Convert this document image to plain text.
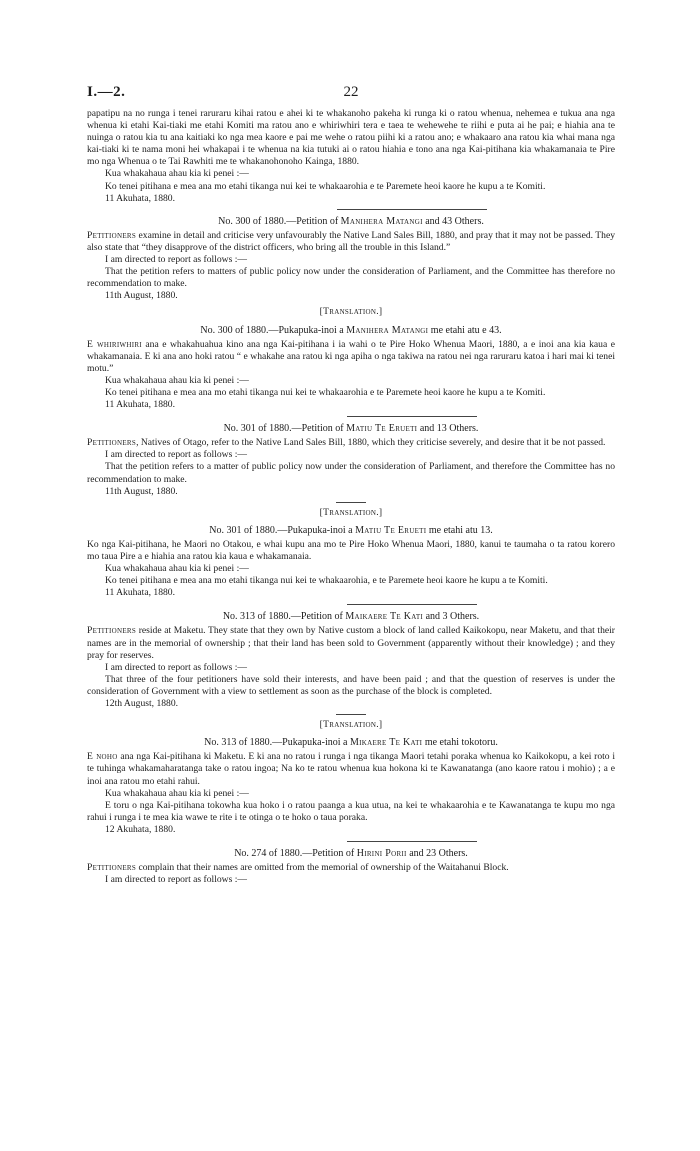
I.—2.	22

papatipu na no runga i tenei raruraru kihai ratou e ahei ki te whakanoho pakeha ki runga ki o ratou whenua, nehemea e tukua ana nga whenua ki etahi Kai-tiaki me etahi Komiti ma ratou ano e whiriwhiri tera e taea te wehewehe te riihi e puta ai he pai; e hiahia ana te nuinga o ratou kia tu ana kaitiaki ko nga mea kaore e pai me wehe o ratou piihi ki a ratou ano; e whakaaro ana ratou kia whai mana nga kai-tiaki ki te nama moni hei whakapai i te whenua na kia tutuki ai o ratou hiahia e tono ana nga Kai-pitihana kia whakamanaia te Pire mo nga Whenua o te Tai Rawhiti me te whakanohonoho Kainga, 1880.

Kua whakahaua ahau kia ki penei :—

Ko tenei pitihana e mea ana mo etahi tikanga nui kei te whakaarohia e te Paremete heoi kaore he kupu a te Komiti.

11 Akuhata, 1880.

No. 300 of 1880.—Petition of Manihera Matangi and 43 Others.

Petitioners examine in detail and criticise very unfavourably the Native Land Sales Bill, 1880, and pray that it may not be passed. They also state that “they disapprove of the district officers, who bring all the trouble in this Island.”

I am directed to report as follows :—

That the petition refers to matters of public policy now under the consideration of Parliament, and the Committee has therefore no recommendation to make.

11th August, 1880.

[Translation.]

No. 300 of 1880.—Pukapuka-inoi a Manihera Matangi me etahi atu e 43.

E whiriwhiri ana e whakahuahua kino ana nga Kai-pitihana i ia wahi o te Pire Hoko Whenua Maori, 1880, a e inoi ana kia kaua e whakamanaia. E ki ana ano hoki ratou “ e whakahe ana ratou ki nga apiha o nga takiwa na ratou nei nga raruraru katoa i hari mai ki tenei motu.”

Kua whakahaua ahau kia ki penei :—

Ko tenei pitihana e mea ana mo etahi tikanga nui kei te whakaarohia e te Paremete heoi kaore he kupu a te Komiti.

11 Akuhata, 1880.

No. 301 of 1880.—Petition of Matiu Te Erueti and 13 Others.

Petitioners, Natives of Otago, refer to the Native Land Sales Bill, 1880, which they criticise severely, and desire that it be not passed.

I am directed to report as follows :—

That the petition refers to a matter of public policy now under the consideration of Parliament, and therefore the Committee has no recommendation to make.

11th August, 1880.

[Translation.]

No. 301 of 1880.—Pukapuka-inoi a Matiu Te Erueti me etahi atu 13.

Ko nga Kai-pitihana, he Maori no Otakou, e whai kupu ana mo te Pire Hoko Whenua Maori, 1880, kanui te taumaha o ta ratou korero mo taua Pire a e hiahia ana ratou kia kaua e whakamanaia.

Kua whakahaua ahau kia ki penei :—

Ko tenei pitihana e mea ana mo etahi tikanga nui kei te whakaarohia, e te Paremete heoi kaore he kupu a te Komiti.

11 Akuhata, 1880.

No. 313 of 1880.—Petition of Maikaere Te Kati and 3 Others.

Petitioners reside at Maketu. They state that they own by Native custom a block of land called Kaikokopu, near Maketu, and that their names are in the memorial of ownership ; that their land has been sold to Government (apparently without their knowledge) ; and they pray for reserves.

I am directed to report as follows :—

That three of the four petitioners have sold their interests, and have been paid ; and that the question of reserves is under the consideration of Government with a view to settlement as soon as the purchase of the block is completed.

12th August, 1880.

[Translation.]

No. 313 of 1880.—Pukapuka-inoi a Mikaere Te Kati me etahi tokotoru.

E noho ana nga Kai-pitihana ki Maketu. E ki ana no ratou i runga i nga tikanga Maori tetahi poraka whenua ko Kaikokopu, a kei roto i te tuhinga whakamaharatanga take o ratou ingoa; Na ko te ratou whenua kua hokona ki te Kawanatanga (ano kaore ratou i mohio) ; a e inoi ana ratou mo etahi rahui.

Kua whakahaua ahau kia ki penei :—

E toru o nga Kai-pitihana tokowha kua hoko i o ratou paanga a kua utua, na kei te whakaarohia e te Kawanatanga te kupu mo nga rahui i runga i te mea kia wawe te rite i te otinga o te hoko o taua poraka.

12 Akuhata, 1880.

No. 274 of 1880.—Petition of Hirini Porii and 23 Others.

Petitioners complain that their names are omitted from the memorial of ownership of the Waitahanui Block.

I am directed to report as follows :—
